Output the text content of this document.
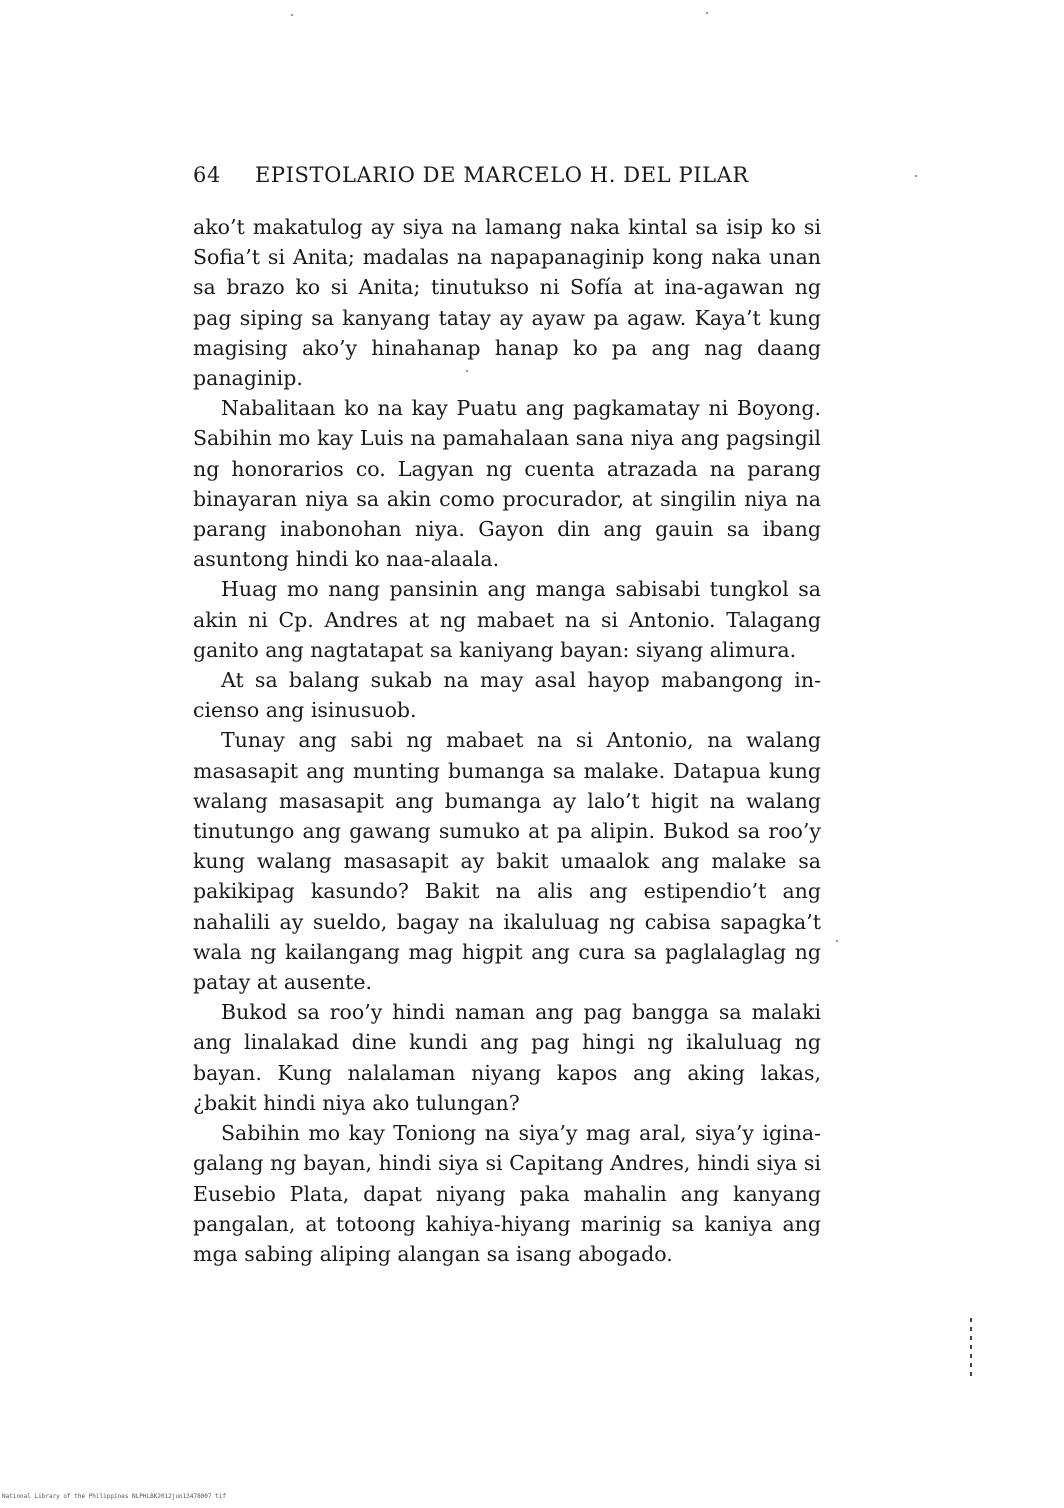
64 EPISTOLARIO DE MARCELO H. DEL PILAR

ako’t makatulog ay siya na lamang naka kintal sa isip ko si Sofia’t si Anita; madalas na napapanaginip kong naka unan sa brazo ko si Anita; tinutukso ni Sofía at ina-agawan ng pag siping sa kanyang tatay ay ayaw pa agaw. Kaya’t kung magising ako’y hinahanap hanap ko pa ang nag daang panaginip.

Nabalitaan ko na kay Puatu ang pagkamatay ni Boyong. Sabihin mo kay Luis na pamahalaan sana niya ang pagsingil ng honorarios co. Lagyan ng cuenta atrazada na parang binayaran niya sa akin como procurador, at singilin niya na parang inabonohan niya. Gayon din ang gauin sa ibang asuntong hindi ko naa-alaala.

Huag mo nang pansinin ang manga sabisabi tungkol sa akin ni Cp. Andres at ng mabaet na si Antonio. Talagang ganito ang nagtatapat sa kaniyang bayan: siyang alimura.

At sa balang sukab na may asal hayop mabangong incienso ang isinusuob.

Tunay ang sabi ng mabaet na si Antonio, na walang masasapit ang munting bumanga sa malake. Datapua kung walang masasapit ang bumanga ay lalo’t higit na walang tinutungo ang gawang sumuko at pa alipin. Bukod sa roo’y kung walang masasapit ay bakit umaalok ang malake sa pakikipag kasundo? Bakit na alis ang estipendio’t ang nahalili ay sueldo, bagay na ikaluluag ng cabisa sapagka’t wala ng kailangang mag higpit ang cura sa paglalaglag ng patay at ausente.

Bukod sa roo’y hindi naman ang pag bangga sa malaki ang linalakad dine kundi ang pag hingi ng ikaluluag ng bayan. Kung nalalaman niyang kapos ang aking lakas, ¿bakit hindi niya ako tulungan?

Sabihin mo kay Toniong na siya’y mag aral, siya’y iginagalang ng bayan, hindi siya si Capitang Andres, hindi siya si Eusebio Plata, dapat niyang paka mahalin ang kanyang pangalan, at totoong kahiya-hiyang marinig sa kaniya ang mga sabing aliping alangan sa isang abogado.

National Library of the Philippines NLPHLBK2012jun13478007 tif
